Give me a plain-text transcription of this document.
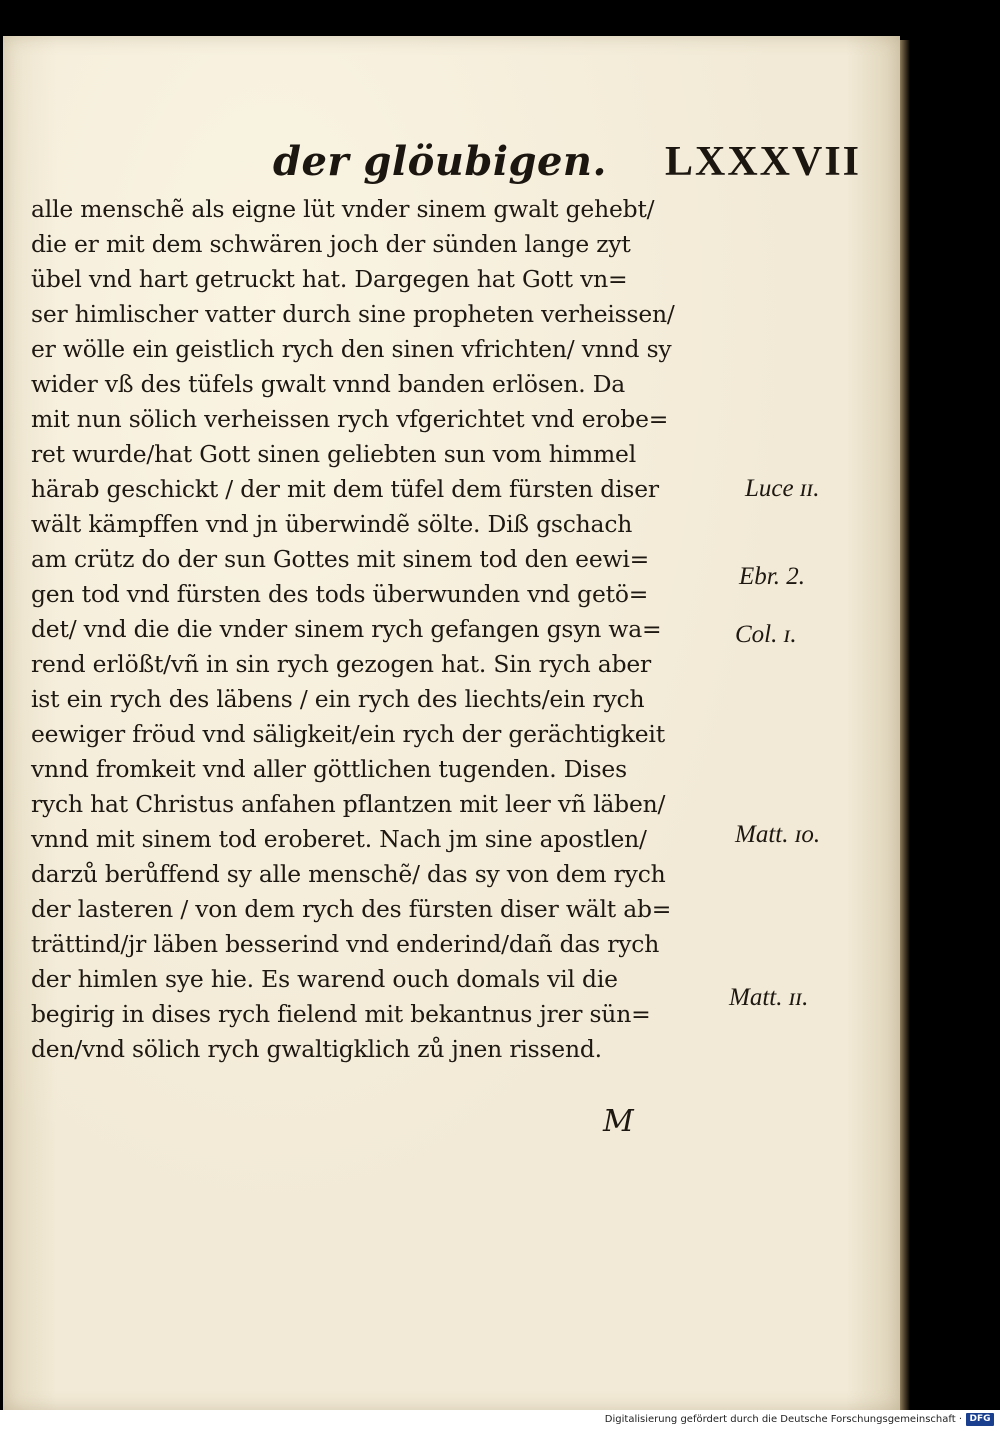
der glöubigen. LXXXVII
alle menschẽ als eigne lüt vnder sinem gwalt gehebt/
die er mit dem schwären joch der sünden lange zyt
übel vnd hart getruckt hat. Dargegen hat Gott vn=
ser himlischer vatter durch sine propheten verheissen/
er wölle ein geistlich rych den sinen vfrichten/ vnnd sy
wider vß des tüfels gwalt vnnd banden erlösen. Da
mit nun sölich verheissen rych vfgerichtet vnd erobe=
ret wurde/hat Gott sinen geliebten sun vom himmel
härab geschickt / der mit dem tüfel dem fürsten diser
wält kämpffen vnd jn überwindẽ sölte. Diß gschach
am crütz do der sun Gottes mit sinem tod den eewi=
gen tod vnd fürsten des tods überwunden vnd getö=
det/ vnd die die vnder sinem rych gefangen gsyn wa=
rend erlößt/vñ in sin rych gezogen hat. Sin rych aber
ist ein rych des läbens / ein rych des liechts/ein rych
eewiger fröud vnd säligkeit/ein rych der gerächtigkeit
vnnd fromkeit vnd aller göttlichen tugenden. Dises
rych hat Christus anfahen pflantzen mit leer vñ läben/
vnnd mit sinem tod eroberet. Nach jm sine apostlen/
darzů berůffend sy alle menschẽ/ das sy von dem rych
der lasteren / von dem rych des fürsten diser wält ab=
trättind/jr läben besserind vnd enderind/dañ das rych
der himlen sye hie. Es warend ouch domals vil die
begirig in dises rych fielend mit bekantnus jrer sün=
den/vnd sölich rych gwaltigklich zů jnen rissend.
Luce ɪɪ.
Ebr. 2.
Col. ɪ.
Matt. ɪo.
Matt. ɪɪ.
M
Digitalisierung gefördert durch die Deutsche Forschungsgemeinschaft · DFG
